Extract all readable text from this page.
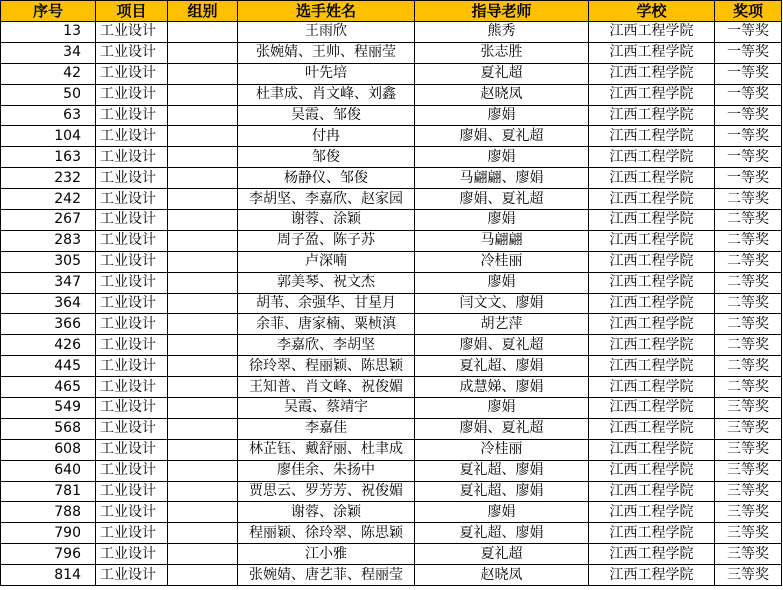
序号	项目	组别	选手姓名	指导老师	学校	奖项
13	工业设计		王雨欣	熊秀	江西工程学院	一等奖
34	工业设计		张婉婧、王帅、程丽莹	张志胜	江西工程学院	一等奖
42	工业设计		叶先培	夏礼超	江西工程学院	一等奖
50	工业设计		杜聿成、肖文峰、刘鑫	赵晓凤	江西工程学院	一等奖
63	工业设计		吴霞、邹俊	廖娟	江西工程学院	一等奖
104	工业设计		付冉	廖娟、夏礼超	江西工程学院	一等奖
163	工业设计		邹俊	廖娟	江西工程学院	一等奖
232	工业设计		杨静仪、邹俊	马翩翩、廖娟	江西工程学院	一等奖
242	工业设计		李胡坚、李嘉欣、赵家园	廖娟、夏礼超	江西工程学院	二等奖
267	工业设计		谢蓉、涂颖	廖娟	江西工程学院	二等奖
283	工业设计		周子盈、陈子苏	马翩翩	江西工程学院	二等奖
305	工业设计		卢深喃	冷桂丽	江西工程学院	二等奖
347	工业设计		郭美琴、祝文杰	廖娟	江西工程学院	二等奖
364	工业设计		胡苇、余强华、甘星月	闫文文、廖娟	江西工程学院	二等奖
366	工业设计		余菲、唐家楠、粟桢滇	胡艺萍	江西工程学院	二等奖
426	工业设计		李嘉欣、李胡坚	廖娟、夏礼超	江西工程学院	二等奖
445	工业设计		徐玲翠、程丽颖、陈思颖	夏礼超、廖娟	江西工程学院	二等奖
465	工业设计		王知普、肖文峰、祝俊媚	成慧娣、廖娟	江西工程学院	二等奖
549	工业设计		吴霞、蔡靖宇	廖娟	江西工程学院	三等奖
568	工业设计		李嘉佳	廖娟、夏礼超	江西工程学院	三等奖
608	工业设计		林芷钰、戴舒丽、杜聿成	冷桂丽	江西工程学院	三等奖
640	工业设计		廖佳余、朱扬中	夏礼超、廖娟	江西工程学院	三等奖
781	工业设计		贾思云、罗芳芳、祝俊媚	夏礼超、廖娟	江西工程学院	三等奖
788	工业设计		谢蓉、涂颖	廖娟	江西工程学院	三等奖
790	工业设计		程丽颖、徐玲翠、陈思颖	夏礼超、廖娟	江西工程学院	三等奖
796	工业设计		江小雅	夏礼超	江西工程学院	三等奖
814	工业设计		张婉婧、唐艺菲、程丽莹	赵晓凤	江西工程学院	三等奖
